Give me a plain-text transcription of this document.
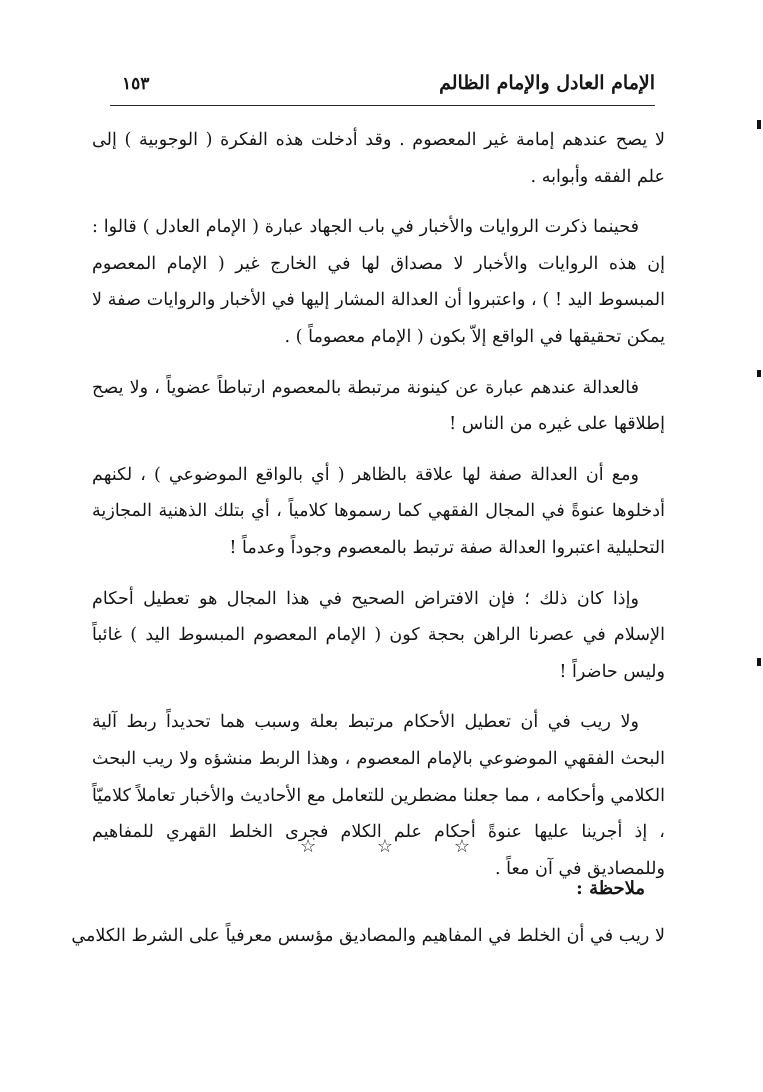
الإمام العادل والإمام الظالم
١٥٣

لا يصح عندهم إمامة غير المعصوم . وقد أدخلت هذه الفكرة ( الوجوبية ) إلى علم الفقه وأبوابه .

فحينما ذكرت الروايات والأخبار في باب الجهاد عبارة ( الإمام العادل ) قالوا : إن هذه الروايات والأخبار لا مصداق لها في الخارج غير ( الإمام المعصوم المبسوط اليد ! ) ، واعتبروا أن العدالة المشار إليها في الأخبار والروايات صفة لا يمكن تحقيقها في الواقع إلاّ بكون ( الإمام معصوماً ) .

فالعدالة عندهم عبارة عن كينونة مرتبطة بالمعصوم ارتباطاً عضوياً ، ولا يصح إطلاقها على غيره من الناس !

ومع أن العدالة صفة لها علاقة بالظاهر ( أي بالواقع الموضوعي ) ، لكنهم أدخلوها عنوةً في المجال الفقهي كما رسموها كلامياً ، أي بتلك الذهنية المجازية التحليلية اعتبروا العدالة صفة ترتبط بالمعصوم وجوداً وعدماً !

وإذا كان ذلك ؛ فإن الافتراض الصحيح في هذا المجال هو تعطيل أحكام الإسلام في عصرنا الراهن بحجة كون ( الإمام المعصوم المبسوط اليد ) غائباً وليس حاضراً !

ولا ريب في أن تعطيل الأحكام مرتبط بعلة وسبب هما تحديداً ربط آلية البحث الفقهي الموضوعي بالإمام المعصوم ، وهذا الربط منشؤه ولا ريب البحث الكلامي وأحكامه ، مما جعلنا مضطرين للتعامل مع الأحاديث والأخبار تعاملاً كلاميّاً ، إذ أجرينا عليها عنوةً أحكام علم الكلام فجرى الخلط القهري للمفاهيم وللمصاديق في آن معاً .

☆	☆	☆
ملاحظة :
لا ريب في أن الخلط في المفاهيم والمصاديق مؤسس معرفياً على الشرط الكلامي
